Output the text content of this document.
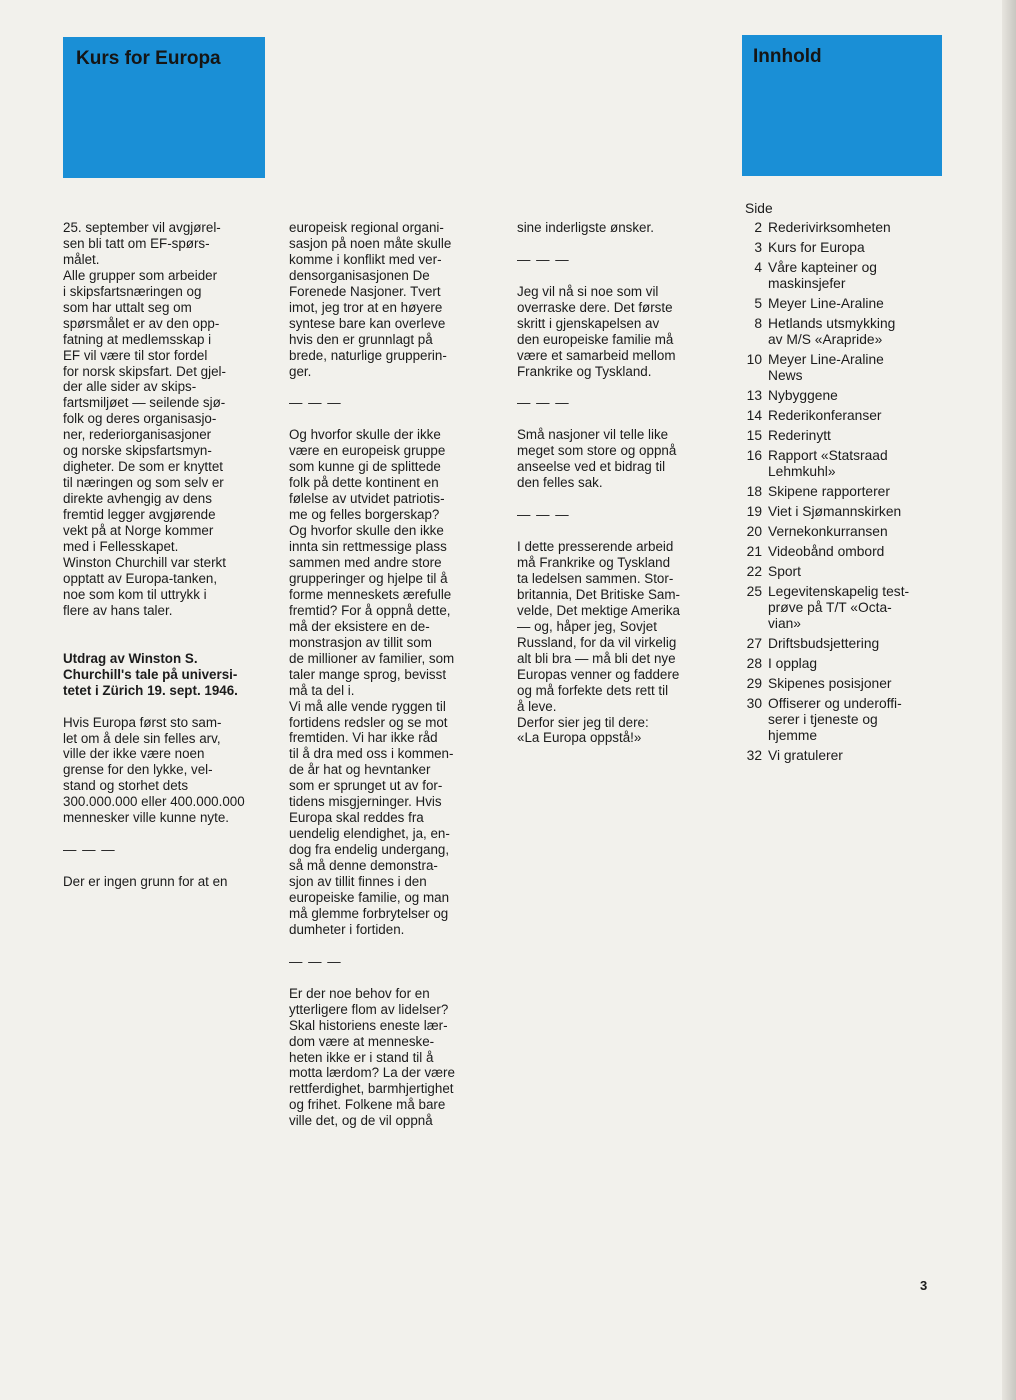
Kurs for Europa	Innhold

25. september vil avgjørel-
sen bli tatt om EF-spørs-
målet.
Alle grupper som arbeider
i skipsfartsnæringen og
som har uttalt seg om
spørsmålet er av den opp-
fatning at medlemsskap i
EF vil være til stor fordel
for norsk skipsfart. Det gjel-
der alle sider av skips-
fartsmiljøet — seilende sjø-
folk og deres organisasjo-
ner, rederiorganisasjoner
og norske skipsfartsmyn-
digheter. De som er knyttet
til næringen og som selv er
direkte avhengig av dens
fremtid legger avgjørende
vekt på at Norge kommer
med i Fellesskapet.
Winston Churchill var sterkt
opptatt av Europa-tanken,
noe som kom til uttrykk i
flere av hans taler.

Utdrag av Winston S.
Churchill's tale på universi-
tetet i Zürich 19. sept. 1946.

Hvis Europa først sto sam-
let om å dele sin felles arv,
ville der ikke være noen
grense for den lykke, vel-
stand og storhet dets
300.000.000 eller 400.000.000
mennesker ville kunne nyte.

— — —

Der er ingen grunn for at en

europeisk regional organi-
sasjon på noen måte skulle
komme i konflikt med ver-
densorganisasjonen De
Forenede Nasjoner. Tvert
imot, jeg tror at en høyere
syntese bare kan overleve
hvis den er grunnlagt på
brede, naturlige grupperin-
ger.

— — —

Og hvorfor skulle der ikke
være en europeisk gruppe
som kunne gi de splittede
folk på dette kontinent en
følelse av utvidet patriotis-
me og felles borgerskap?
Og hvorfor skulle den ikke
innta sin rettmessige plass
sammen med andre store
grupperinger og hjelpe til å
forme menneskets ærefulle
fremtid? For å oppnå dette,
må der eksistere en de-
monstrasjon av tillit som
de millioner av familier, som
taler mange sprog, bevisst
må ta del i.
Vi må alle vende ryggen til
fortidens redsler og se mot
fremtiden. Vi har ikke råd
til å dra med oss i kommen-
de år hat og hevntanker
som er sprunget ut av for-
tidens misgjerninger. Hvis
Europa skal reddes fra
uendelig elendighet, ja, en-
dog fra endelig undergang,
så må denne demonstra-
sjon av tillit finnes i den
europeiske familie, og man
må glemme forbrytelser og
dumheter i fortiden.

— — —

Er der noe behov for en
ytterligere flom av lidelser?
Skal historiens eneste lær-
dom være at menneske-
heten ikke er i stand til å
motta lærdom? La der være
rettferdighet, barmhjertighet
og frihet. Folkene må bare
ville det, og de vil oppnå

sine inderligste ønsker.

— — —

Jeg vil nå si noe som vil
overraske dere. Det første
skritt i gjenskapelsen av
den europeiske familie må
være et samarbeid mellom
Frankrike og Tyskland.

— — —

Små nasjoner vil telle like
meget som store og oppnå
anseelse ved et bidrag til
den felles sak.

— — —

I dette presserende arbeid
må Frankrike og Tyskland
ta ledelsen sammen. Stor-
britannia, Det Britiske Sam-
velde, Det mektige Amerika
— og, håper jeg, Sovjet
Russland, for da vil virkelig
alt bli bra — må bli det nye
Europas venner og faddere
og må forfekte dets rett til
å leve.
Derfor sier jeg til dere:
«La Europa oppstå!»

Side
2 Rederivirksomheten
3 Kurs for Europa
4 Våre kapteiner og
maskinsjefer
5 Meyer Line-Araline
8 Hetlands utsmykking
av M/S «Arapride»
10 Meyer Line-Araline
News
13 Nybyggene
14 Rederikonferanser
15 Rederinytt
16 Rapport «Statsraad
Lehmkuhl»
18 Skipene rapporterer
19 Viet i Sjømannskirken
20 Vernekonkurransen
21 Videobånd ombord
22 Sport
25 Legevitenskapelig test-
prøve på T/T «Octa-
vian»
27 Driftsbudsjettering
28 I opplag
29 Skipenes posisjoner
30 Offiserer og underoffi-
serer i tjeneste og
hjemme
32 Vi gratulerer
3
